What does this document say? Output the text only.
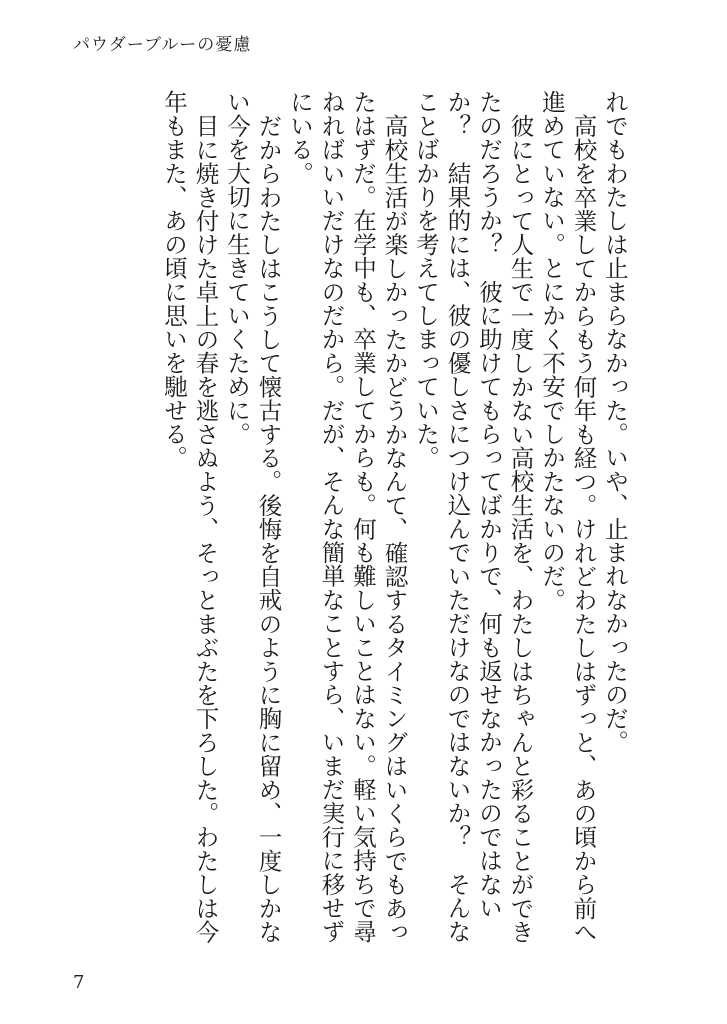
パウダーブルーの憂慮

れでもわたしは止まらなかった。いや、止まれなかったのだ。

高校を卒業してからもう何年も経つ。けれどわたしはずっと、あの頃から前へ進めていない。とにかく不安でしかたないのだ。

彼にとって人生で一度しかない高校生活を、わたしはちゃんと彩ることができたのだろうか？　彼に助けてもらってばかりで、何も返せなかったのではないか？　結果的には、彼の優しさにつけ込んでいただけなのではないか？　そんなことばかりを考えてしまっていた。

高校生活が楽しかったかどうかなんて、確認するタイミングはいくらでもあったはずだ。在学中も、卒業してからも。何も難しいことはない。軽い気持ちで尋ねればいいだけなのだから。だが、そんな簡単なことすら、いまだ実行に移せずにいる。

だからわたしはこうして懐古する。後悔を自戒のように胸に留め、一度しかない今を大切に生きていくために。

目に焼き付けた卓上の春を逃さぬよう、そっとまぶたを下ろした。わたしは今年もまた、あの頃に思いを馳せる。

7
